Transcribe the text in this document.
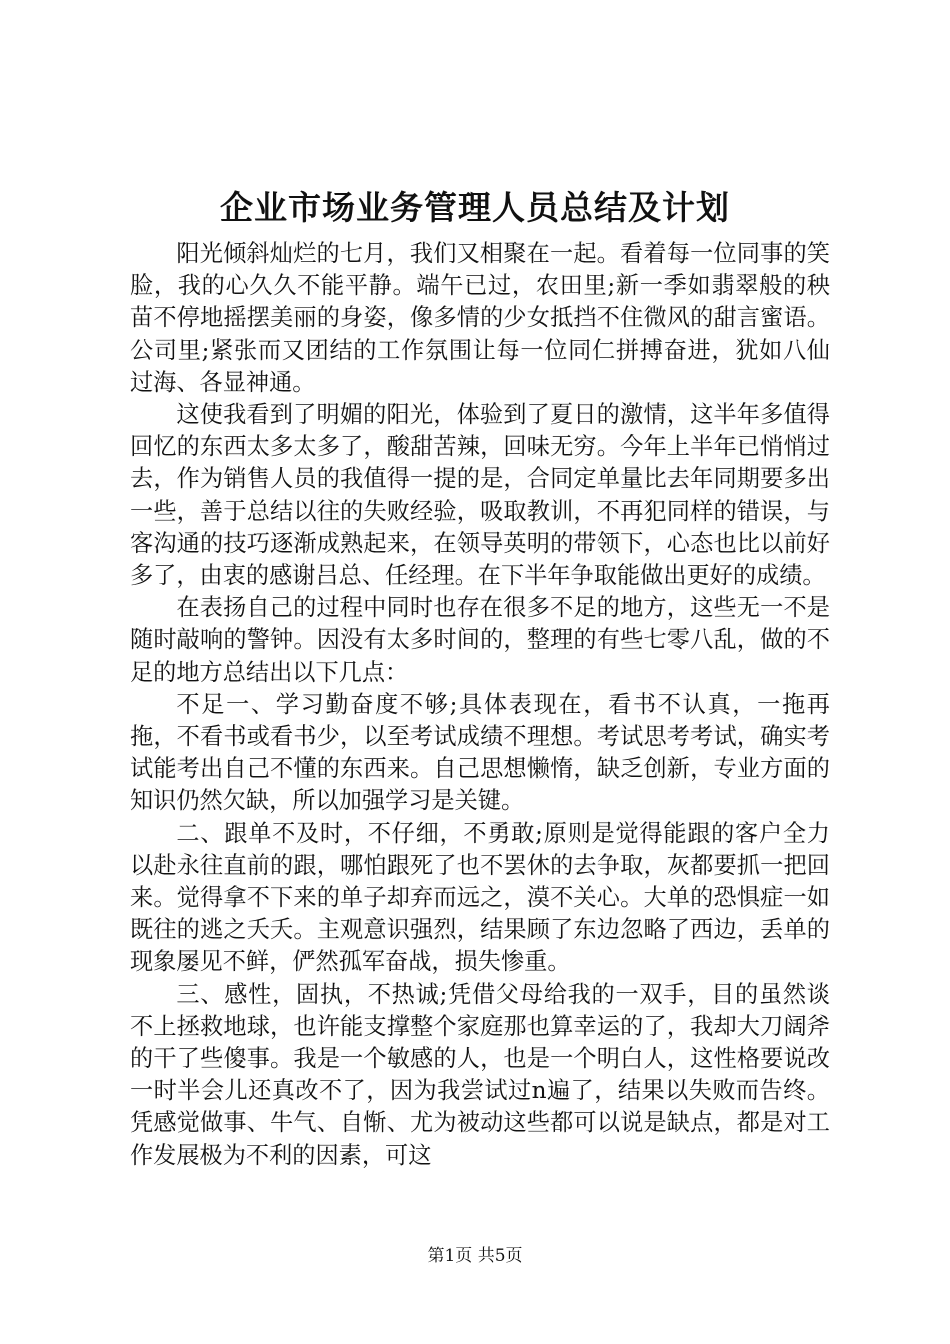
企业市场业务管理人员总结及计划

阳光倾斜灿烂的七月，我们又相聚在一起。看着每一位同事的笑脸，我的心久久不能平静。端午已过，农田里;新一季如翡翠般的秧苗不停地摇摆美丽的身姿，像多情的少女抵挡不住微风的甜言蜜语。公司里;紧张而又团结的工作氛围让每一位同仁拼搏奋进，犹如八仙过海、各显神通。

这使我看到了明媚的阳光，体验到了夏日的激情，这半年多值得回忆的东西太多太多了，酸甜苦辣，回味无穷。今年上半年已悄悄过去，作为销售人员的我值得一提的是，合同定单量比去年同期要多出一些，善于总结以往的失败经验，吸取教训，不再犯同样的错误，与客沟通的技巧逐渐成熟起来，在领导英明的带领下，心态也比以前好多了，由衷的感谢吕总、任经理。在下半年争取能做出更好的成绩。

在表扬自己的过程中同时也存在很多不足的地方，这些无一不是随时敲响的警钟。因没有太多时间的，整理的有些七零八乱，做的不足的地方总结出以下几点：

不足一、学习勤奋度不够;具体表现在，看书不认真，一拖再拖，不看书或看书少，以至考试成绩不理想。考试思考考试，确实考试能考出自己不懂的东西来。自己思想懒惰，缺乏创新，专业方面的知识仍然欠缺，所以加强学习是关键。

二、跟单不及时，不仔细，不勇敢;原则是觉得能跟的客户全力以赴永往直前的跟，哪怕跟死了也不罢休的去争取，灰都要抓一把回来。觉得拿不下来的单子却弃而远之，漠不关心。大单的恐惧症一如既往的逃之夭夭。主观意识强烈，结果顾了东边忽略了西边，丢单的现象屡见不鲜，俨然孤军奋战，损失惨重。

三、感性，固执，不热诚;凭借父母给我的一双手，目的虽然谈不上拯救地球，也许能支撑整个家庭那也算幸运的了，我却大刀阔斧的干了些傻事。我是一个敏感的人，也是一个明白人，这性格要说改一时半会儿还真改不了，因为我尝试过n遍了，结果以失败而告终。凭感觉做事、牛气、自惭、尤为被动这些都可以说是缺点，都是对工作发展极为不利的因素，可这

第1页 共5页
